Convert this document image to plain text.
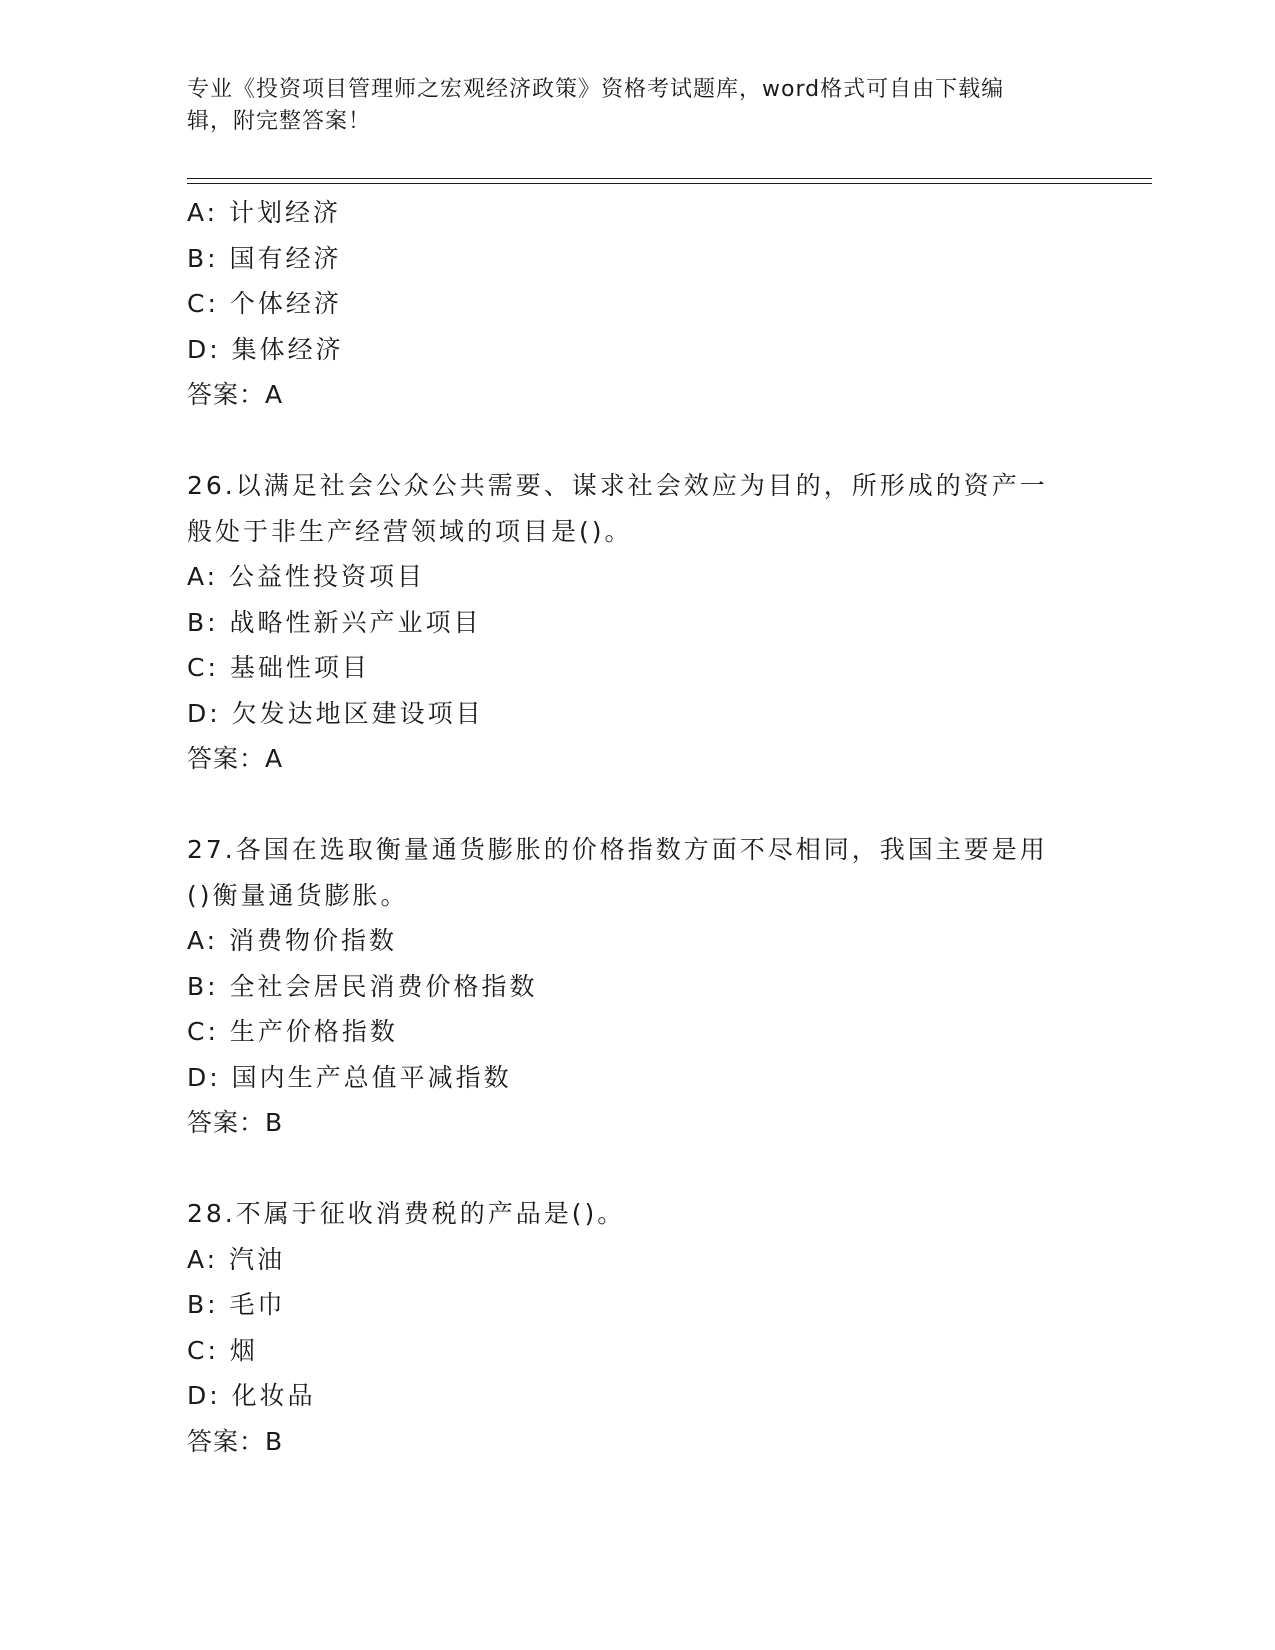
专业《投资项目管理师之宏观经济政策》资格考试题库，word格式可自由下载编
辑，附完整答案！
A: 计划经济
B: 国有经济
C: 个体经济
D: 集体经济
答案：A
26.以满足社会公众公共需要、谋求社会效应为目的，所形成的资产一
般处于非生产经营领域的项目是()。
A: 公益性投资项目
B: 战略性新兴产业项目
C: 基础性项目
D: 欠发达地区建设项目
答案：A
27.各国在选取衡量通货膨胀的价格指数方面不尽相同，我国主要是用
()衡量通货膨胀。
A: 消费物价指数
B: 全社会居民消费价格指数
C: 生产价格指数
D: 国内生产总值平减指数
答案：B
28.不属于征收消费税的产品是()。
A: 汽油
B: 毛巾
C: 烟
D: 化妆品
答案：B
